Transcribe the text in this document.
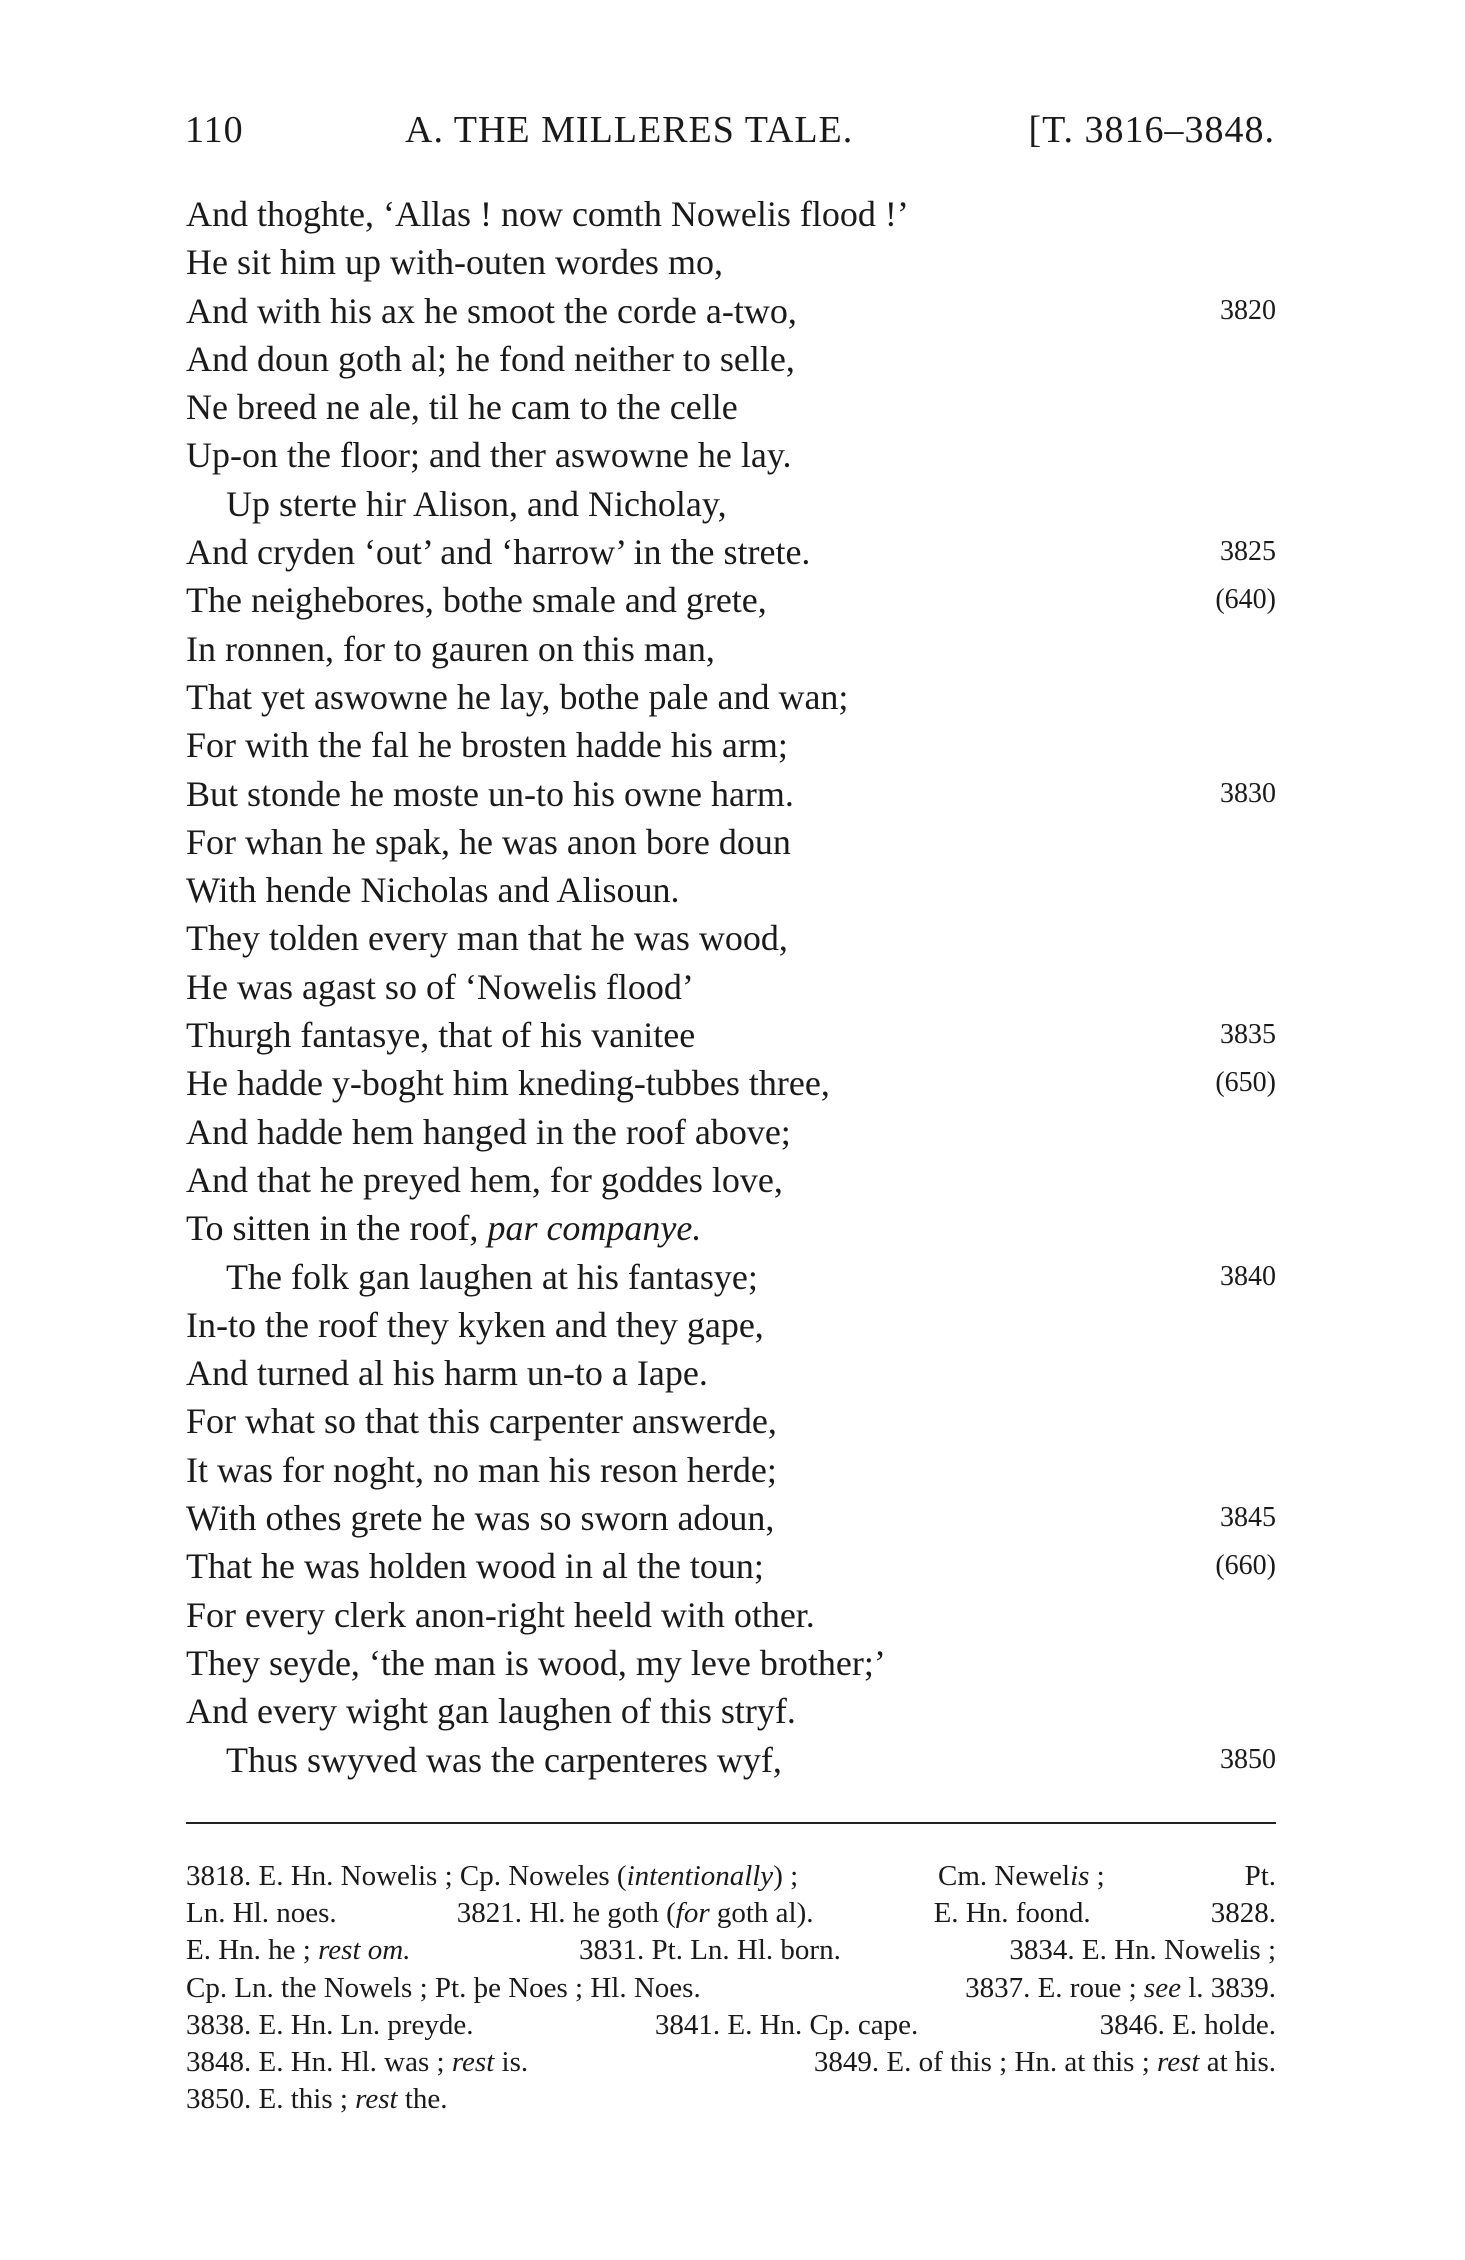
110	A. THE MILLERES TALE.	[T. 3816–3848.
And thoghte, ‘Allas ! now comth Nowelis flood !’
He sit him up with-outen wordes mo,
And with his ax he smoot the corde a-two,	3820
And doun goth al; he fond neither to selle,
Ne breed ne ale, til he cam to the celle
Up-on the floor; and ther aswowne he lay.
Up sterte hir Alison, and Nicholay,
And cryden ‘out’ and ‘harrow’ in the strete.	3825
The neighebores, bothe smale and grete,	(640)
In ronnen, for to gauren on this man,
That yet aswowne he lay, bothe pale and wan;
For with the fal he brosten hadde his arm;
But stonde he moste un-to his owne harm.	3830
For whan he spak, he was anon bore doun
With hende Nicholas and Alisoun.
They tolden every man that he was wood,
He was agast so of ‘Nowelis flood’
Thurgh fantasye, that of his vanitee	3835
He hadde y-boght him kneding-tubbes three,	(650)
And hadde hem hanged in the roof above;
And that he preyed hem, for goddes love,
To sitten in the roof, par companye.
The folk gan laughen at his fantasye;	3840
In-to the roof they kyken and they gape,
And turned al his harm un-to a Iape.
For what so that this carpenter answerde,
It was for noght, no man his reson herde;
With othes grete he was so sworn adoun,	3845
That he was holden wood in al the toun;	(660)
For every clerk anon-right heeld with other.
They seyde, ‘the man is wood, my leve brother;’
And every wight gan laughen of this stryf.
Thus swyved was the carpenteres wyf,	3850
3818. E. Hn. Nowelis ; Cp. Noweles (intentionally) ;	Cm. Newelis ;	Pt.
Ln. Hl. noes.	3821. Hl. he goth (for goth al).	E. Hn. foond.	3828.
E. Hn. he ; rest om.	3831. Pt. Ln. Hl. born.	3834. E. Hn. Nowelis ;
Cp. Ln. the Nowels ; Pt. þe Noes ; Hl. Noes.	3837. E. roue ; see l. 3839.
3838. E. Hn. Ln. preyde.	3841. E. Hn. Cp. cape.	3846. E. holde.
3848. E. Hn. Hl. was ; rest is.	3849. E. of this ; Hn. at this ; rest at his.
3850. E. this ; rest the.
